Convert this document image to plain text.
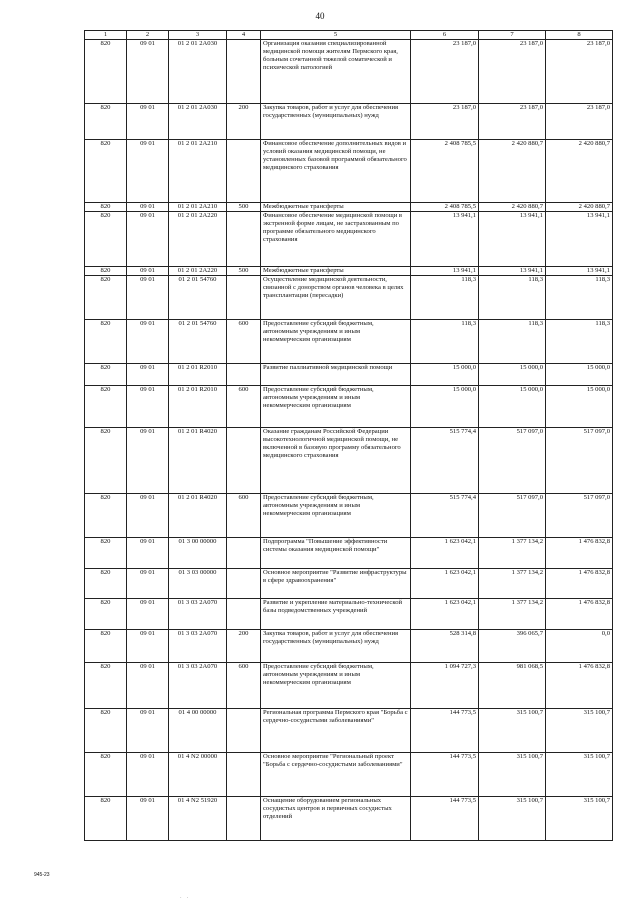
40
1	2	3	4	5	6	7	8
820	09 01	01 2 01 2A030		Организация оказания специализированной медицинской помощи жителям Пермского края, больным сочетанной тяжелой соматической и психической патологией	23 187,0	23 187,0	23 187,0
820	09 01	01 2 01 2A030	200	Закупка товаров, работ и услуг для обеспечения государственных (муниципальных) нужд	23 187,0	23 187,0	23 187,0
820	09 01	01 2 01 2A210		Финансовое обеспечение дополнительных видов и условий оказания медицинской помощи, не установленных базовой программой обязательного медицинского страхования	2 408 785,5	2 420 880,7	2 420 880,7
820	09 01	01 2 01 2A210	500	Межбюджетные трансферты	2 408 785,5	2 420 880,7	2 420 880,7
820	09 01	01 2 01 2A220		Финансовое обеспечение медицинской помощи в экстренной форме лицам, не застрахованным по программе обязательного медицинского страхования	13 941,1	13 941,1	13 941,1
820	09 01	01 2 01 2A220	500	Межбюджетные трансферты	13 941,1	13 941,1	13 941,1
820	09 01	01 2 01 54760		Осуществление медицинской деятельности, связанной с донорством органов человека в целях трансплантации (пересадки)	118,3	118,3	118,3
820	09 01	01 2 01 54760	600	Предоставление субсидий бюджетным, автономным учреждениям и иным некоммерческим организациям	118,3	118,3	118,3
820	09 01	01 2 01 R2010		Развитие паллиативной медицинской помощи	15 000,0	15 000,0	15 000,0
820	09 01	01 2 01 R2010	600	Предоставление субсидий бюджетным, автономным учреждениям и иным некоммерческим организациям	15 000,0	15 000,0	15 000,0
820	09 01	01 2 01 R4020		Оказание гражданам Российской Федерации высокотехнологичной медицинской помощи, не включенной в базовую программу обязательного медицинского страхования	515 774,4	517 097,0	517 097,0
820	09 01	01 2 01 R4020	600	Предоставление субсидий бюджетным, автономным учреждениям и иным некоммерческим организациям	515 774,4	517 097,0	517 097,0
820	09 01	01 3 00 00000		Подпрограмма "Повышение эффективности системы оказания медицинской помощи"	1 623 042,1	1 377 134,2	1 476 832,8
820	09 01	01 3 03 00000		Основное мероприятие "Развитие инфраструктуры в сфере здравоохранения"	1 623 042,1	1 377 134,2	1 476 832,8
820	09 01	01 3 03 2A070		Развитие и укрепление материально-технической базы подведомственных учреждений	1 623 042,1	1 377 134,2	1 476 832,8
820	09 01	01 3 03 2A070	200	Закупка товаров, работ и услуг для обеспечения государственных (муниципальных) нужд	528 314,8	396 065,7	0,0
820	09 01	01 3 03 2A070	600	Предоставление субсидий бюджетным, автономным учреждениям и иным некоммерческим организациям	1 094 727,3	981 068,5	1 476 832,8
820	09 01	01 4 00 00000		Региональная программа Пермского края "Борьба с сердечно-сосудистыми заболеваниями"	144 773,5	315 100,7	315 100,7
820	09 01	01 4 N2 00000		Основное мероприятие "Региональный проект "Борьба с сердечно-сосудистыми заболеваниями"	144 773,5	315 100,7	315 100,7
820	09 01	01 4 N2 51920		Оснащение оборудованием региональных сосудистых центров и первичных сосудистых отделений	144 773,5	315 100,7	315 100,7
945-23
· ·
